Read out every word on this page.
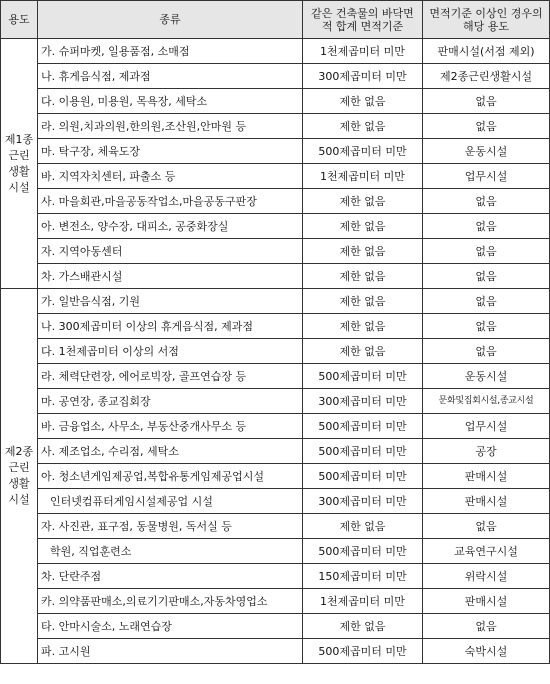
용도	종류	같은 건축물의 바닥면적 합계 면적기준	면적기준 이상인 경우의 해당 용도
제1종 근린 생활 시설	가. 슈퍼마켓, 일용품점, 소매점	1천제곱미터 미만	판매시설(서점 제외)
	나. 휴게음식점, 제과점	300제곱미터 미만	제2종근린생활시설
	다. 이용원, 미용원, 목욕장, 세탁소	제한 없음	없음
	라. 의원,치과의원,한의원,조산원,안마원 등	제한 없음	없음
	마. 탁구장, 체육도장	500제곱미터 미만	운동시설
	바. 지역자치센터, 파출소 등	1천제곱미터 미만	업무시설
	사. 마을회관,마을공동작업소,마을공동구판장	제한 없음	없음
	아. 변전소, 양수장, 대피소, 공중화장실	제한 없음	없음
	자. 지역아동센터	제한 없음	없음
	차. 가스배관시설	제한 없음	없음
제2종 근린 생활 시설	가. 일반음식점, 기원	제한 없음	없음
	나. 300제곱미터 이상의 휴게음식점, 제과점	제한 없음	없음
	다. 1천제곱미터 이상의 서점	제한 없음	없음
	라. 체력단련장, 에어로빅장, 골프연습장 등	500제곱미터 미만	운동시설
	마. 공연장, 종교집회장	300제곱미터 미만	문화및집회시설,종교시설
	바. 금융업소, 사무소, 부동산중개사무소 등	500제곱미터 미만	업무시설
	사. 제조업소, 수리점, 세탁소	500제곱미터 미만	공장
	아. 청소년게임제공업,복합유통게임제공업시설	500제곱미터 미만	판매시설
	인터넷컴퓨터게임시설제공업 시설	300제곱미터 미만	판매시설
	자. 사진관, 표구점, 동물병원, 독서실 등	제한 없음	없음
	학원, 직업훈련소	500제곱미터 미만	교육연구시설
	차. 단란주점	150제곱미터 미만	위락시설
	카. 의약품판매소,의료기기판매소,자동차영업소	1천제곱미터 미만	판매시설
	타. 안마시술소, 노래연습장	제한 없음	없음
	파. 고시원	500제곱미터 미만	숙박시설
